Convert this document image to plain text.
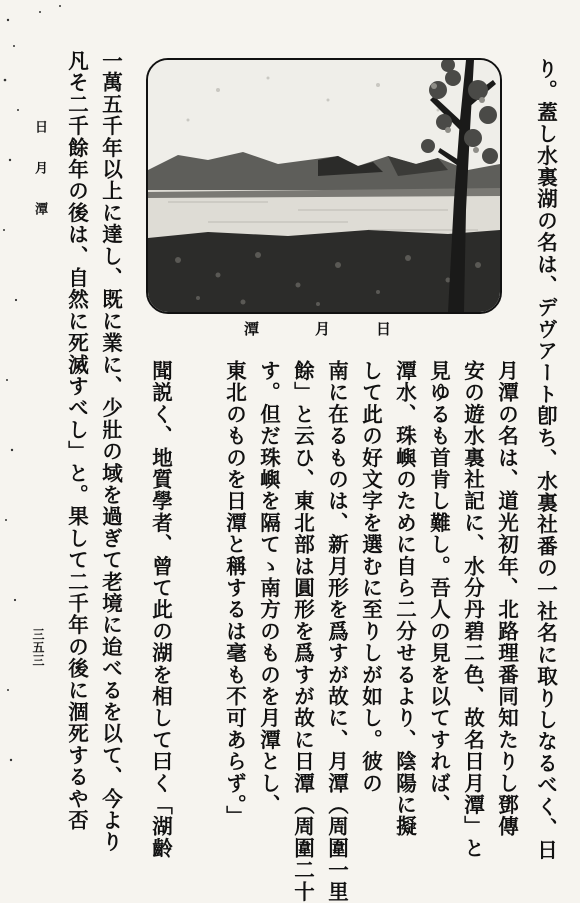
り。蓋し水裏湖の名は、デヴアート卽ち、水裏社番の一社名に取りしなるべく、日
日
月
潭
月潭の名は、道光初年、北路理番同知たりし鄧傳
安の遊水裏社記に、水分丹碧二色、故名日月潭」と
見ゆるも首肯し難し。吾人の見を以てすれば、
潭水、珠嶼のために自ら二分せるより、陰陽に擬
して此の好文字を選むに至りしが如し。彼の
南に在るものは、新月形を爲すが故に、月潭（周圍一里
餘」と云ひ、東北部は圓形を爲すが故に日潭（周圍二十
す。但だ珠嶼を隔てゝ南方のものを月潭とし、
東北のものを日潭と稱するは毫も不可あらず。」
聞説く、地質學者、曾て此の湖を相して曰く「湖齡
一萬五千年以上に達し、既に業に、少壯の域を過ぎて老境に迨べるを以て、今より
凡そ二千餘年の後は、自然に死滅すべし」と。果して二千年の後に涸死するや否
日月潭
三五三
